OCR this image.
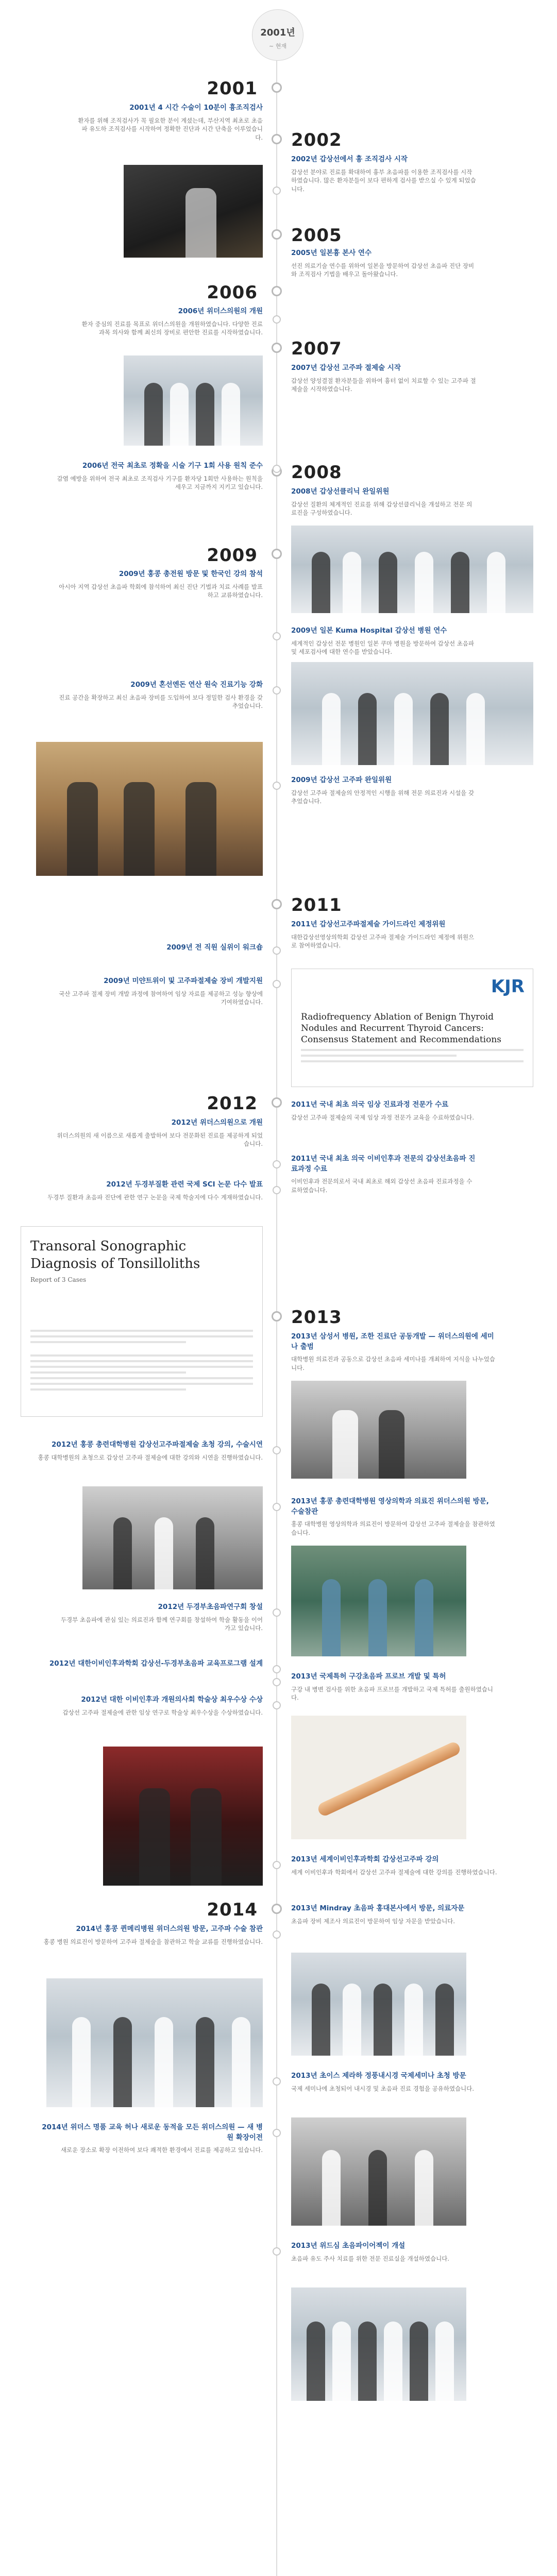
2001년
~ 현재
2001
2001년 4 시간 수술이 10분이 흉조직검사

환자를 위해 조직검사가 꼭 필요한 분이 계셨는데, 부산지역 최초로 초음파 유도하 조직검사를 시작하여 정확한 진단과 시간 단축을 이루었습니다. 2002
2002년 갑상선에서 흉 조직검사 시작

갑상선 분야로 진료를 확대하여 흉부 초음파를 이용한 조직검사를 시작하였습니다. 많은 환자분들이 보다 편하게 검사를 받으실 수 있게 되었습니다.

2005
2005년 일본흉 본사 연수

선진 의료기술 연수를 위하여 일본을 방문하여 갑상선 초음파 진단 장비와 조직검사 기법을 배우고 돌아왔습니다.

2006
2006년 위더스의원의 개원

환자 중심의 진료를 목표로 위더스의원을 개원하였습니다. 다양한 진료과목 의사와 함께 최신의 장비로 편안한 진료를 시작하였습니다.

2006년 전국 최초로 정확을 시술 기구 1회 사용 원칙 준수

감염 예방을 위하여 전국 최초로 조직검사 기구를 환자당 1회만 사용하는 원칙을 세우고 지금까지 지키고 있습니다.

2007
2007년 갑상선 고주파 절제술 시작

갑상선 양성결절 환자분들을 위하여 흉터 없이 치료할 수 있는 고주파 절제술을 시작하였습니다.

2008
2008년 갑상선클리닉 완일위원

갑상선 질환의 체계적인 진료를 위해 갑상선클리닉을 개설하고 전문 의료진을 구성하였습니다.

2009
2009년 홍콩 총전원 방문 및 한국인 강의 참석

아시아 지역 갑상선 초음파 학회에 참석하여 최신 진단 기법과 치료 사례를 발표하고 교류하였습니다.

2009년 일본 Kuma Hospital 갑상선 병원 연수

세계적인 갑상선 전문 병원인 일본 쿠마 병원을 방문하여 갑상선 초음파 및 세포검사에 대한 연수를 받았습니다.

2009년 혼선엔돈 연산 원숙 진료기능 강화

진료 공간을 확장하고 최신 초음파 장비를 도입하여 보다 정밀한 검사 환경을 갖추었습니다.

2009년 갑상선 고주파 완일위원

갑상선 고주파 절제술의 안정적인 시행을 위해 전문 의료진과 시설을 갖추었습니다.

2009년 전 직원 실위이 워크숍
2009년 미얀트위이 및 고주파절제술 장비 개발지원

국산 고주파 절제 장비 개발 과정에 참여하여 임상 자료를 제공하고 성능 향상에 기여하였습니다.

2011
2011년 갑상선고주파절제술 가이드라인 제정위원

대한갑상선영상의학회 갑상선 고주파 절제술 가이드라인 제정에 위원으로 참여하였습니다.

KJR
Radiofrequency Ablation of Benign Thyroid Nodules and Recurrent Thyroid Cancers: Consensus Statement and Recommendations
2011년 국내 최초 의국 임상 진료과정 전문가 수료

갑상선 고주파 절제술의 국제 임상 과정 전문가 교육을 수료하였습니다.

2011년 국내 최초 의국 이비인후과 전문의 갑상선초음파 진료과정 수료

이비인후과 전문의로서 국내 최초로 해외 갑상선 초음파 진료과정을 수료하였습니다.

2012
2012년 위더스의원으로 개원

위더스의원의 새 이름으로 새롭게 출발하여 보다 전문화된 진료를 제공하게 되었습니다.

2012년 두경부질환 관련 국제 SCI 논문 다수 발표

두경부 질환과 초음파 진단에 관한 연구 논문을 국제 학술지에 다수 게재하였습니다.

Transoral Sonographic Diagnosis of Tonsilloliths
Report of 3 Cases
2012년 홍콩 총련대학병원 갑상선고주파절제술 초청 강의, 수술시연

홍콩 대학병원의 초청으로 갑상선 고주파 절제술에 대한 강의와 시연을 진행하였습니다.

2012년 두경부초음파연구회 창설

두경부 초음파에 관심 있는 의료진과 함께 연구회를 창설하여 학술 활동을 이어가고 있습니다.

2012년 대한이비인후과학회 갑상선-두경부초음파 교육프로그램 설계
2012년 대한 이비인후과 개원의사회 학술상 최우수상 수상

갑상선 고주파 절제술에 관한 임상 연구로 학술상 최우수상을 수상하였습니다.

2013
2013년 삼성서 병원, 조한 진료단 공동개발 — 위더스의원에 세미나 출범

대학병원 의료진과 공동으로 갑상선 초음파 세미나를 개최하여 지식을 나누었습니다.

2013년 홍콩 총련대학병원 영상의학과 의료진 위더스의원 방문, 수술참관

홍콩 대학병원 영상의학과 의료진이 방문하여 갑상선 고주파 절제술을 참관하였습니다.

2013년 국제특허 구강초음파 프로브 개발 및 특허

구강 내 병변 검사를 위한 초음파 프로브를 개발하고 국제 특허를 출원하였습니다.

2013년 세계이비인후과학회 갑상선고주파 강의

세계 이비인후과 학회에서 갑상선 고주파 절제술에 대한 강의를 진행하였습니다.

2013년 Mindray 초음파 홍대본사에서 방문, 의료자문

초음파 장비 제조사 의료진이 방문하여 임상 자문을 받았습니다.

2013년 초이스 제라하 정풍내시경 국제세미나 초청 방문

국제 세미나에 초청되어 내시경 및 초음파 진료 경험을 공유하였습니다.

2013년 위드심 초음파이어젝이 개설

초음파 유도 주사 치료를 위한 전문 진료실을 개설하였습니다.

2014
2014년 홍콩 퀸메리병원 위더스의원 방문, 고주파 수술 참관

홍콩 병원 의료진이 방문하여 고주파 절제술을 참관하고 학술 교류를 진행하였습니다.

2014년 위더스 명품 교육 허나 새로운 동적을 모든 위더스의원 — 새 병원 확장이전

새로운 장소로 확장 이전하여 보다 쾌적한 환경에서 진료를 제공하고 있습니다.
